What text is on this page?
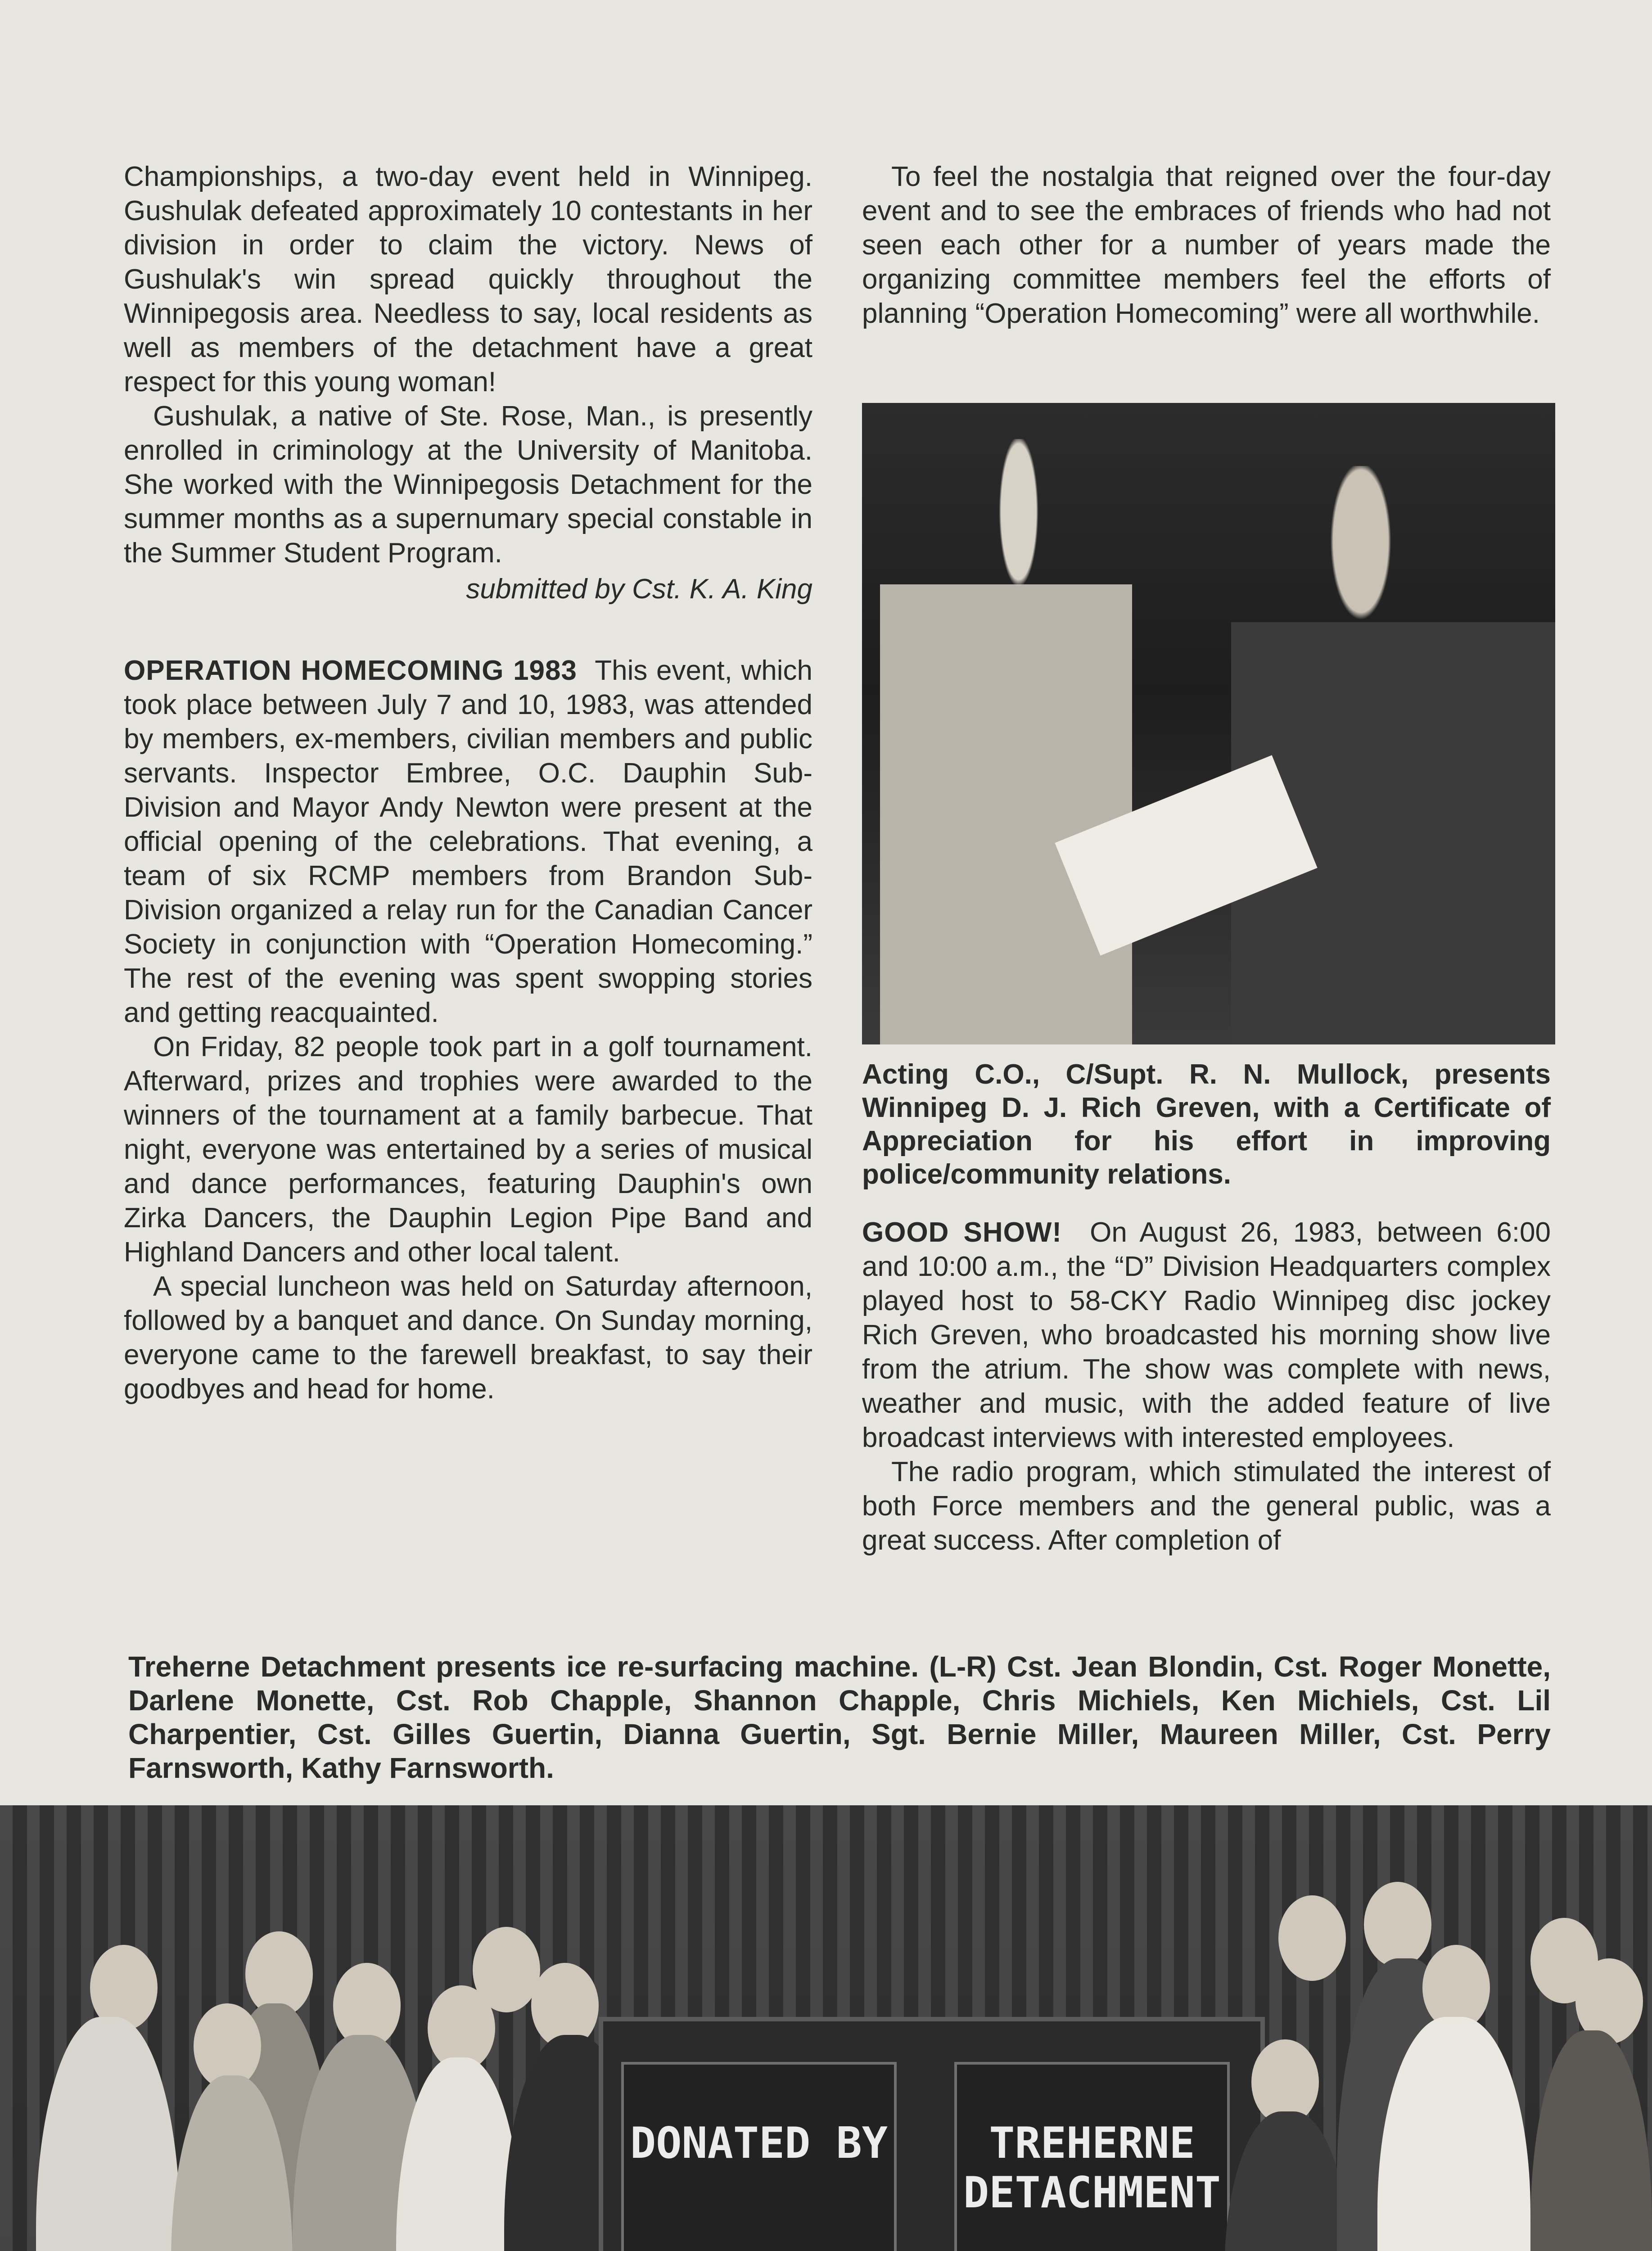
Championships, a two-day event held in Winnipeg. Gushulak defeated approximately 10 contestants in her division in order to claim the victory. News of Gushulak's win spread quickly throughout the Winnipegosis area. Needless to say, local residents as well as members of the detachment have a great respect for this young woman!

Gushulak, a native of Ste. Rose, Man., is presently enrolled in criminology at the University of Manitoba. She worked with the Winnipegosis Detachment for the summer months as a supernumary special constable in the Summer Student Program.

submitted by Cst. K. A. King

OPERATION HOMECOMING 1983 This event, which took place between July 7 and 10, 1983, was attended by members, ex-members, civilian members and public servants. Inspector Embree, O.C. Dauphin Sub-Division and Mayor Andy Newton were present at the official opening of the celebrations. That evening, a team of six RCMP members from Brandon Sub-Division organized a relay run for the Canadian Cancer Society in conjunction with “Operation Homecoming.” The rest of the evening was spent swopping stories and getting reacquainted.

On Friday, 82 people took part in a golf tournament. Afterward, prizes and trophies were awarded to the winners of the tournament at a family barbecue. That night, everyone was entertained by a series of musical and dance performances, featuring Dauphin's own Zirka Dancers, the Dauphin Legion Pipe Band and Highland Dancers and other local talent.

A special luncheon was held on Saturday afternoon, followed by a banquet and dance. On Sunday morning, everyone came to the farewell breakfast, to say their goodbyes and head for home.

To feel the nostalgia that reigned over the four-day event and to see the embraces of friends who had not seen each other for a number of years made the organizing committee members feel the efforts of planning “Operation Homecoming” were all worthwhile.

Acting C.O., C/Supt. R. N. Mullock, presents Winnipeg D. J. Rich Greven, with a Certificate of Appreciation for his effort in improving police/community relations.

GOOD SHOW! On August 26, 1983, between 6:00 and 10:00 a.m., the “D” Division Headquarters complex played host to 58-CKY Radio Winnipeg disc jockey Rich Greven, who broadcasted his morning show live from the atrium. The show was complete with news, weather and music, with the added feature of live broadcast interviews with interested employees.

The radio program, which stimulated the interest of both Force members and the general public, was a great success. After completion of

Treherne Detachment presents ice re-surfacing machine. (L-R) Cst. Jean Blondin, Cst. Roger Monette, Darlene Monette, Cst. Rob Chapple, Shannon Chapple, Chris Michiels, Ken Michiels, Cst. Lil Charpentier, Cst. Gilles Guertin, Dianna Guertin, Sgt. Bernie Miller, Maureen Miller, Cst. Perry Farnsworth, Kathy Farnsworth.
DONATED BY	TREHERNE DETACHMENT
